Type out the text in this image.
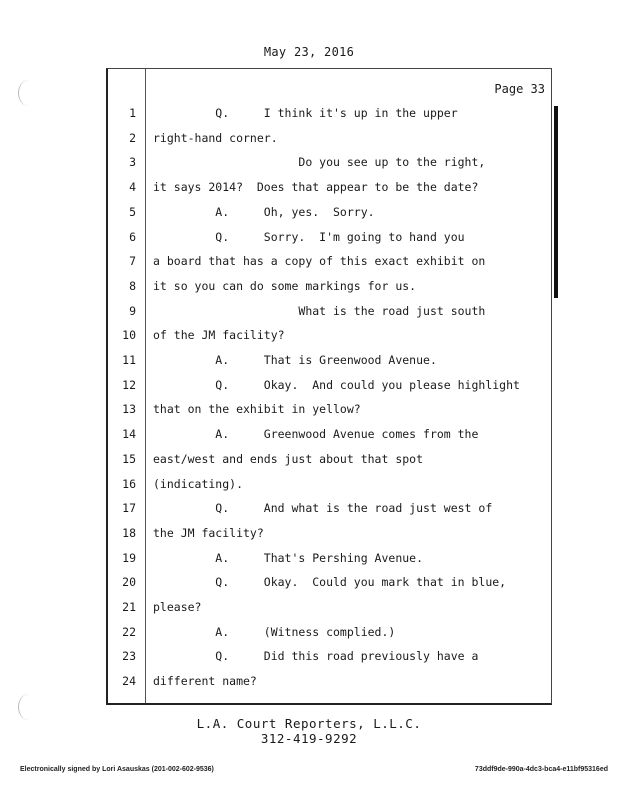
May 23, 2016
Page 33
1 Q.     I think it's up in the upper
2 right-hand corner.
3 Do you see up to the right,
4 it says 2014?  Does that appear to be the date?
5 A.     Oh, yes.  Sorry.
6 Q.     Sorry.  I'm going to hand you
7 a board that has a copy of this exact exhibit on
8 it so you can do some markings for us.
9 What is the road just south
10 of the JM facility?
11 A.     That is Greenwood Avenue.
12 Q.     Okay.  And could you please highlight
13 that on the exhibit in yellow?
14 A.     Greenwood Avenue comes from the
15 east/west and ends just about that spot
16 (indicating).
17 Q.     And what is the road just west of
18 the JM facility?
19 A.     That's Pershing Avenue.
20 Q.     Okay.  Could you mark that in blue,
21 please?
22 A.     (Witness complied.)
23 Q.     Did this road previously have a
24 different name?
L.A. Court Reporters, L.L.C.
312-419-9292
Electronically signed by Lori Asauskas (201-002-602-9536)	73ddf9de-990a-4dc3-bca4-e11bf95316ed
